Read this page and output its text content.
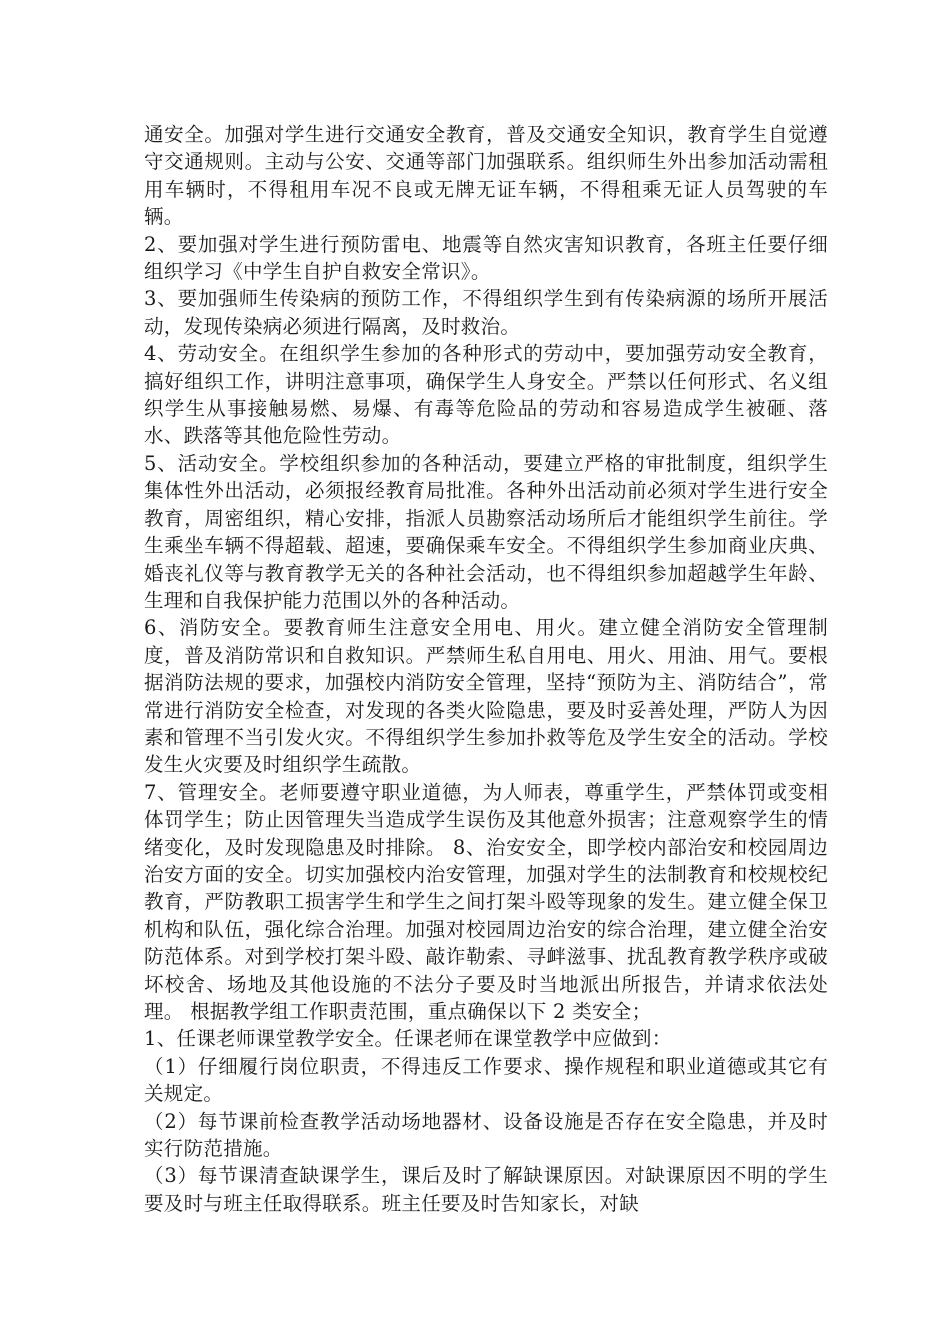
通安全。加强对学生进行交通安全教育，普及交通安全知识，教育学生自觉遵守交通规则。主动与公安、交通等部门加强联系。组织师生外出参加活动需租用车辆时，不得租用车况不良或无牌无证车辆，不得租乘无证人员驾驶的车辆。

2、要加强对学生进行预防雷电、地震等自然灾害知识教育，各班主任要仔细组织学习《中学生自护自救安全常识》。

3、要加强师生传染病的预防工作，不得组织学生到有传染病源的场所开展活动，发现传染病必须进行隔离，及时救治。

4、劳动安全。在组织学生参加的各种形式的劳动中，要加强劳动安全教育，搞好组织工作，讲明注意事项，确保学生人身安全。严禁以任何形式、名义组织学生从事接触易燃、易爆、有毒等危险品的劳动和容易造成学生被砸、落水、跌落等其他危险性劳动。

5、活动安全。学校组织参加的各种活动，要建立严格的审批制度，组织学生集体性外出活动，必须报经教育局批准。各种外出活动前必须对学生进行安全教育，周密组织，精心安排，指派人员勘察活动场所后才能组织学生前往。学生乘坐车辆不得超载、超速，要确保乘车安全。不得组织学生参加商业庆典、婚丧礼仪等与教育教学无关的各种社会活动，也不得组织参加超越学生年龄、生理和自我保护能力范围以外的各种活动。

6、消防安全。要教育师生注意安全用电、用火。建立健全消防安全管理制度，普及消防常识和自救知识。严禁师生私自用电、用火、用油、用气。要根据消防法规的要求，加强校内消防安全管理，坚持“预防为主、消防结合”，常常进行消防安全检查，对发现的各类火险隐患，要及时妥善处理，严防人为因素和管理不当引发火灾。不得组织学生参加扑救等危及学生安全的活动。学校发生火灾要及时组织学生疏散。

7、管理安全。老师要遵守职业道德，为人师表，尊重学生，严禁体罚或变相体罚学生；防止因管理失当造成学生误伤及其他意外损害；注意观察学生的情绪变化，及时发现隐患及时排除。 8、治安安全，即学校内部治安和校园周边治安方面的安全。切实加强校内治安管理，加强对学生的法制教育和校规校纪教育，严防教职工损害学生和学生之间打架斗殴等现象的发生。建立健全保卫机构和队伍，强化综合治理。加强对校园周边治安的综合治理，建立健全治安防范体系。对到学校打架斗殴、敲诈勒索、寻衅滋事、扰乱教育教学秩序或破坏校舍、场地及其他设施的不法分子要及时当地派出所报告，并请求依法处理。 根据教学组工作职责范围，重点确保以下 2 类安全；

1、任课老师课堂教学安全。任课老师在课堂教学中应做到：

（1）仔细履行岗位职责，不得违反工作要求、操作规程和职业道德或其它有关规定。

（2）每节课前检查教学活动场地器材、设备设施是否存在安全隐患，并及时实行防范措施。

（3）每节课清查缺课学生，课后及时了解缺课原因。对缺课原因不明的学生要及时与班主任取得联系。班主任要及时告知家长，对缺
